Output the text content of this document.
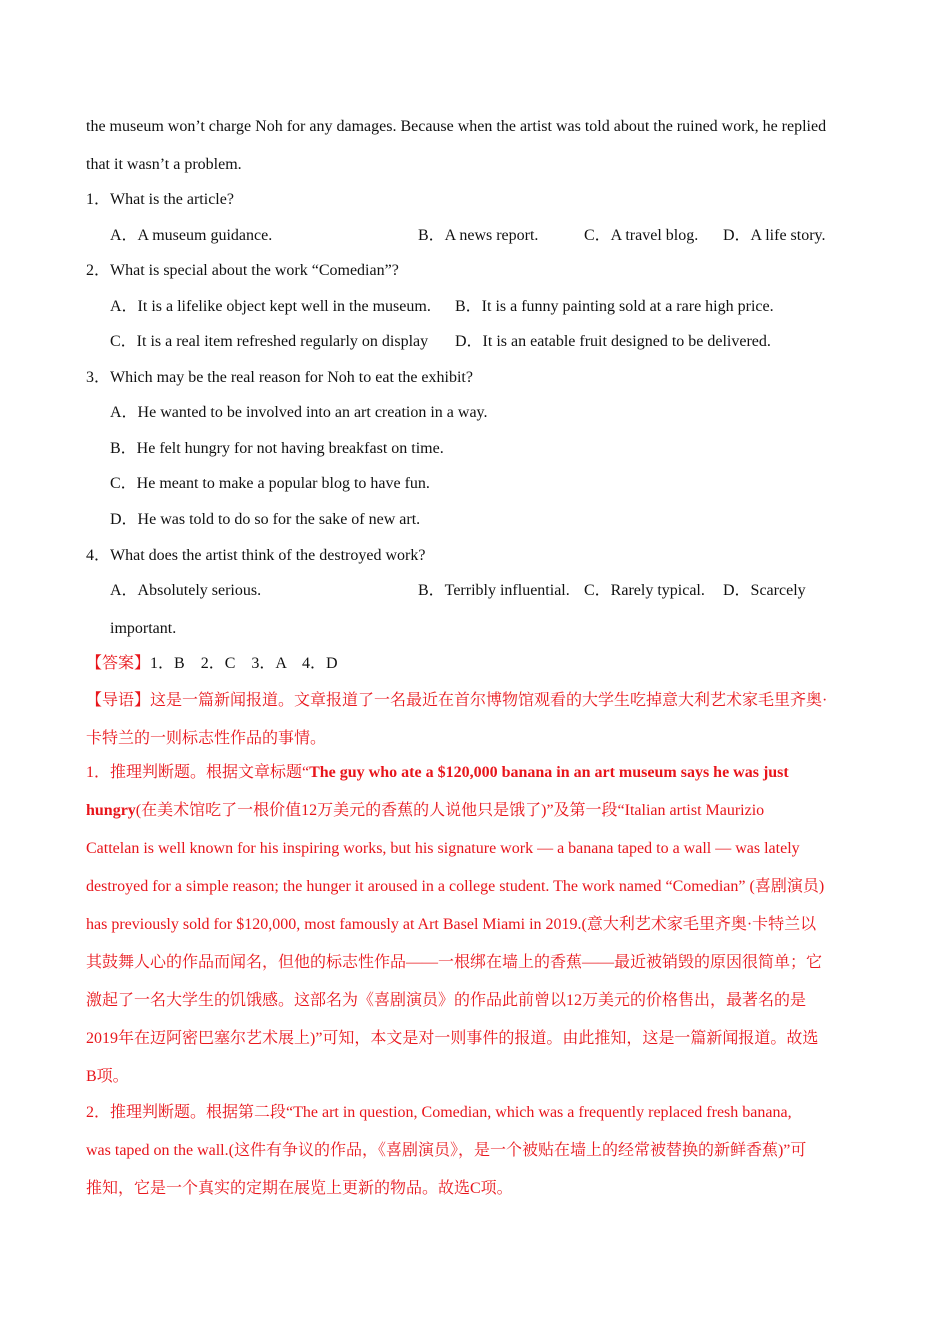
the museum won’t charge Noh for any damages. Because when the artist was told about the ruined work, he replied
that it wasn’t a problem.
1．What is the article?
A．A museum guidance.	B．A news report.	C．A travel blog. D．A life story.
2．What is special about the work “Comedian”?
A．It is a lifelike object kept well in the museum. B．It is a funny painting sold at a rare high price.
C．It is a real item refreshed regularly on display D．It is an eatable fruit designed to be delivered.
3．Which may be the real reason for Noh to eat the exhibit?
A．He wanted to be involved into an art creation in a way.
B．He felt hungry for not having breakfast on time.
C．He meant to make a popular blog to have fun.
D．He was told to do so for the sake of new art.
4．What does the artist think of the destroyed work?
A．Absolutely serious.	B．Terribly influential. C．Rarely typical. D．Scarcely
important.
【答案】1．B　2．C　3．A　4．D
【导语】这是一篇新闻报道。文章报道了一名最近在首尔博物馆观看的大学生吃掉意大利艺术家毛里齐奥·
卡特兰的一则标志性作品的事情。
1．推理判断题。根据文章标题“The guy who ate a $120,000 banana in an art museum says he was just
hungry(在美术馆吃了一根价值12万美元的香蕉的人说他只是饿了)”及第一段“Italian artist Maurizio
Cattelan is well known for his inspiring works, but his signature work — a banana taped to a wall — was lately
destroyed for a simple reason; the hunger it aroused in a college student. The work named “Comedian” (喜剧演员)
has previously sold for $120,000, most famously at Art Basel Miami in 2019.(意大利艺术家毛里齐奥·卡特兰以
其鼓舞人心的作品而闻名，但他的标志性作品——一根绑在墙上的香蕉——最近被销毁的原因很简单；它
激起了一名大学生的饥饿感。这部名为《喜剧演员》的作品此前曾以12万美元的价格售出，最著名的是
2019年在迈阿密巴塞尔艺术展上)”可知，本文是对一则事件的报道。由此推知，这是一篇新闻报道。故选
B项。
2．推理判断题。根据第二段“The art in question, Comedian, which was a frequently replaced fresh banana,
was taped on the wall.(这件有争议的作品，《喜剧演员》，是一个被贴在墙上的经常被替换的新鲜香蕉)”可
推知，它是一个真实的定期在展览上更新的物品。故选C项。
